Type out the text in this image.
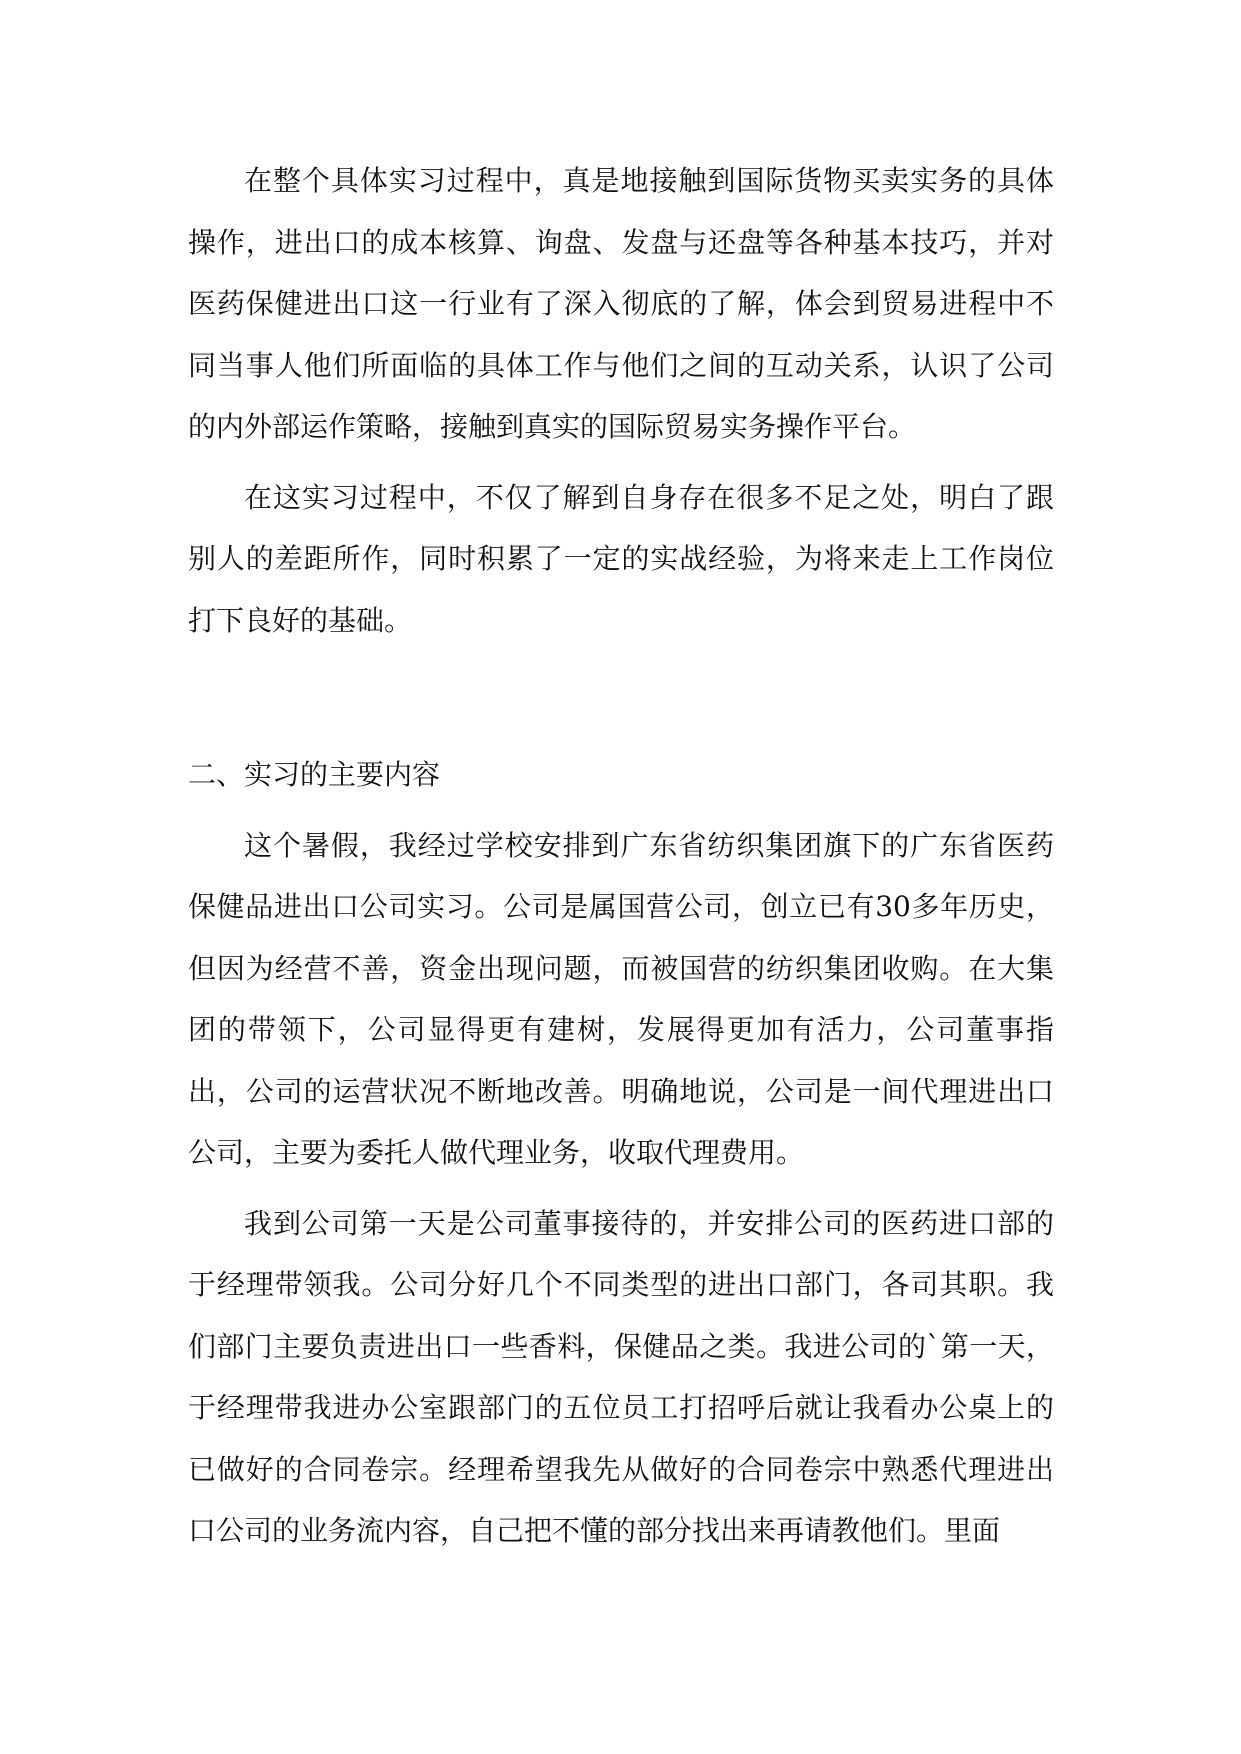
在整个具体实习过程中，真是地接触到国际货物买卖实务的具体操作，进出口的成本核算、询盘、发盘与还盘等各种基本技巧，并对医药保健进出口这一行业有了深入彻底的了解，体会到贸易进程中不同当事人他们所面临的具体工作与他们之间的互动关系，认识了公司的内外部运作策略，接触到真实的国际贸易实务操作平台。

在这实习过程中，不仅了解到自身存在很多不足之处，明白了跟别人的差距所作，同时积累了一定的实战经验，为将来走上工作岗位打下良好的基础。

二、实习的主要内容

这个暑假，我经过学校安排到广东省纺织集团旗下的广东省医药保健品进出口公司实习。公司是属国营公司，创立已有30多年历史，但因为经营不善，资金出现问题，而被国营的纺织集团收购。在大集团的带领下，公司显得更有建树，发展得更加有活力，公司董事指出，公司的运营状况不断地改善。明确地说，公司是一间代理进出口公司，主要为委托人做代理业务，收取代理费用。

我到公司第一天是公司董事接待的，并安排公司的医药进口部的于经理带领我。公司分好几个不同类型的进出口部门，各司其职。我们部门主要负责进出口一些香料，保健品之类。我进公司的`第一天，于经理带我进办公室跟部门的五位员工打招呼后就让我看办公桌上的已做好的合同卷宗。经理希望我先从做好的合同卷宗中熟悉代理进出口公司的业务流内容，自己把不懂的部分找出来再请教他们。里面
